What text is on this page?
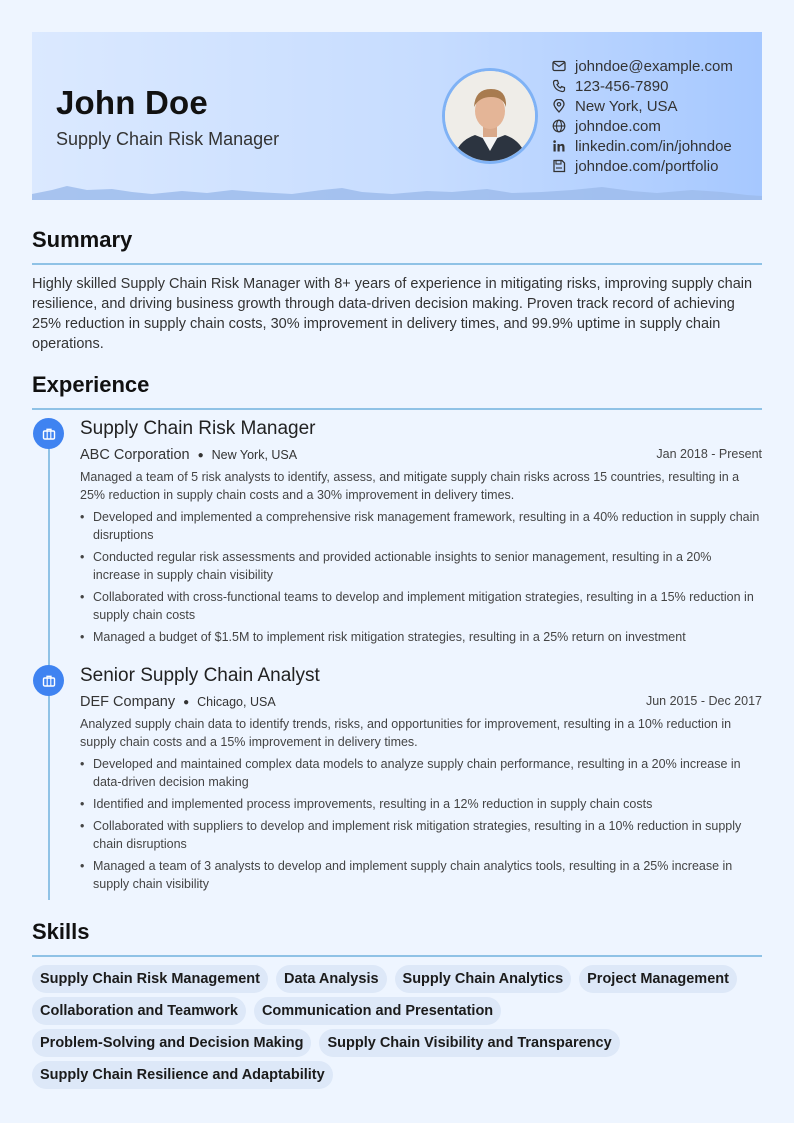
John Doe
Supply Chain Risk Manager
johndoe@example.com
123-456-7890
New York, USA
johndoe.com
linkedin.com/in/johndoe
johndoe.com/portfolio
Summary
Highly skilled Supply Chain Risk Manager with 8+ years of experience in mitigating risks, improving supply chain resilience, and driving business growth through data-driven decision making. Proven track record of achieving 25% reduction in supply chain costs, 30% improvement in delivery times, and 99.9% uptime in supply chain operations.
Experience
Supply Chain Risk Manager
ABC Corporation ● New York, USA	Jan 2018 - Present
Managed a team of 5 risk analysts to identify, assess, and mitigate supply chain risks across 15 countries, resulting in a 25% reduction in supply chain costs and a 30% improvement in delivery times.
• Developed and implemented a comprehensive risk management framework, resulting in a 40% reduction in supply chain disruptions
• Conducted regular risk assessments and provided actionable insights to senior management, resulting in a 20% increase in supply chain visibility
• Collaborated with cross-functional teams to develop and implement mitigation strategies, resulting in a 15% reduction in supply chain costs
• Managed a budget of $1.5M to implement risk mitigation strategies, resulting in a 25% return on investment
Senior Supply Chain Analyst
DEF Company ● Chicago, USA	Jun 2015 - Dec 2017
Analyzed supply chain data to identify trends, risks, and opportunities for improvement, resulting in a 10% reduction in supply chain costs and a 15% improvement in delivery times.
• Developed and maintained complex data models to analyze supply chain performance, resulting in a 20% increase in data-driven decision making
• Identified and implemented process improvements, resulting in a 12% reduction in supply chain costs
• Collaborated with suppliers to develop and implement risk mitigation strategies, resulting in a 10% reduction in supply chain disruptions
• Managed a team of 3 analysts to develop and implement supply chain analytics tools, resulting in a 25% increase in supply chain visibility
Skills
Supply Chain Risk Management	Data Analysis	Supply Chain Analytics	Project Management
Collaboration and Teamwork	Communication and Presentation
Problem-Solving and Decision Making	Supply Chain Visibility and Transparency
Supply Chain Resilience and Adaptability
